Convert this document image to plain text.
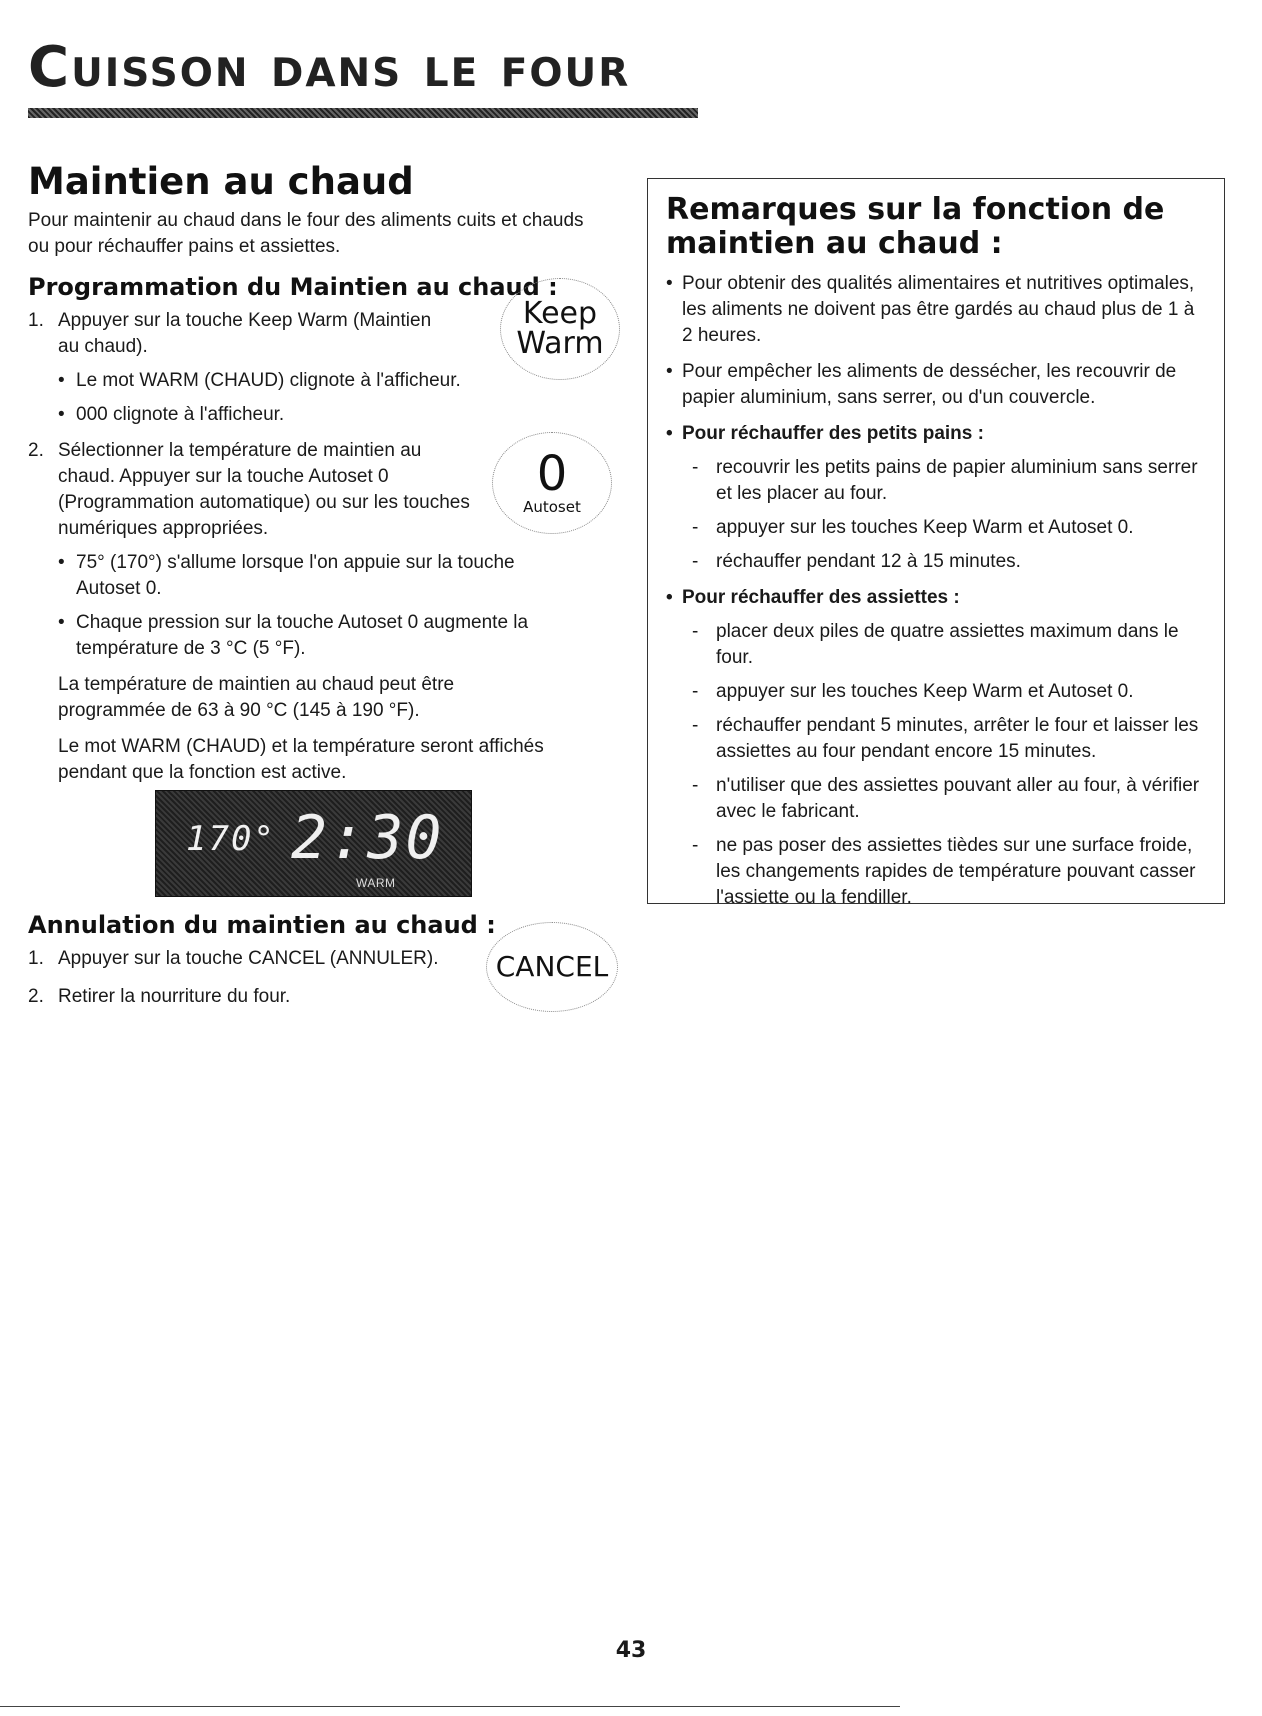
Cuisson dans le four
Maintien au chaud

Pour maintenir au chaud dans le four des aliments cuits et chauds ou pour réchauffer pains et assiettes.

Programmation du Maintien au chaud :
1. Appuyer sur la touche Keep Warm (Maintien au chaud).
• Le mot WARM (CHAUD) clignote à l'afficheur.
• 000 clignote à l'afficheur.
2. Sélectionner la température de maintien au chaud. Appuyer sur la touche Autoset 0 (Programmation automatique) ou sur les touches numériques appropriées.
• 75° (170°) s'allume lorsque l'on appuie sur la touche Autoset 0.
• Chaque pression sur la touche Autoset 0 augmente la température de 3 °C (5 °F).

La température de maintien au chaud peut être programmée de 63 à 90 °C (145 à 190 °F).

Le mot WARM (CHAUD) et la température seront affichés pendant que la fonction est active.

Keep
Warm
0
Autoset
CANCEL
170° 2:30
WARM
Annulation du maintien au chaud :
1. Appuyer sur la touche CANCEL (ANNULER).
2. Retirer la nourriture du four.
Remarques sur la fonction de
maintien au chaud :
• Pour obtenir des qualités alimentaires et nutritives optimales, les aliments ne doivent pas être gardés au chaud plus de 1 à 2 heures.
• Pour empêcher les aliments de dessécher, les recouvrir de papier aluminium, sans serrer, ou d'un couvercle.
• Pour réchauffer des petits pains :
- recouvrir les petits pains de papier aluminium sans serrer et les placer au four.
- appuyer sur les touches Keep Warm et Autoset 0.
- réchauffer pendant 12 à 15 minutes.
• Pour réchauffer des assiettes :
- placer deux piles de quatre assiettes maximum dans le four.
- appuyer sur les touches Keep Warm et Autoset 0.
- réchauffer pendant 5 minutes, arrêter le four et laisser les assiettes au four pendant encore 15 minutes.
- n'utiliser que des assiettes pouvant aller au four, à vérifier avec le fabricant.
- ne pas poser des assiettes tièdes sur une surface froide, les changements rapides de température pouvant casser l'assiette ou la fendiller.
43
